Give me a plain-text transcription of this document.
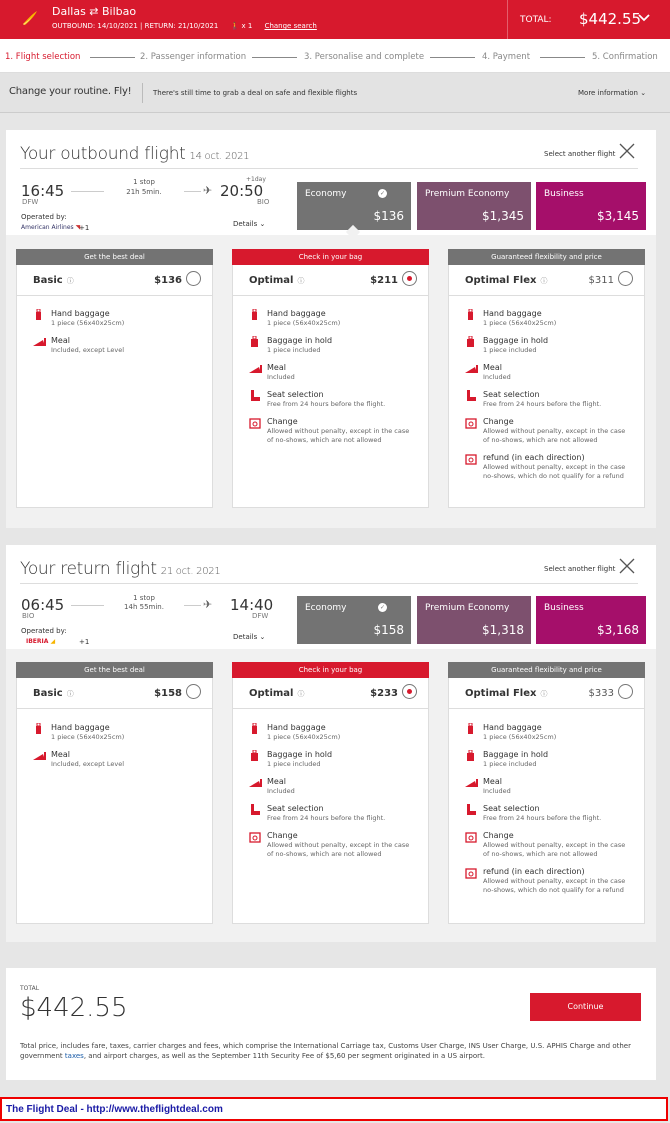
Dallas ⇄ Bilbao
OUTBOUND: 14/10/2021 | RETURN: 21/10/2021 🚶 x 1 Change search
TOTAL: $442.55
1. Flight selection	2. Passenger information	3. Personalise and complete	4. Payment	5. Confirmation
Change your routine. Fly!	There's still time to grab a deal on safe and flexible flights	More information ⌄
Your outbound flight 14 oct. 2021	Select another flight
16:45
DFW
1 stop
21h 5min.	✈
+1day
20:50
BIO
Operated by:
American Airlines ◥
+1	Details ⌄
Economy	✓
$136
Premium Economy
$1,345
Business
$3,145
Get the best deal
Basic ⓘ	$136
Hand baggage
1 piece (56x40x25cm)
Meal
Included, except Level
Check in your bag
Optimal ⓘ	$211
Hand baggage
1 piece (56x40x25cm)
Baggage in hold
1 piece included
Meal
Included
Seat selection
Free from 24 hours before the flight.
Change
Allowed without penalty, except in the case of no-shows, which are not allowed
Guaranteed flexibility and price
Optimal Flex ⓘ	$311
Hand baggage
1 piece (56x40x25cm)
Baggage in hold
1 piece included
Meal
Included
Seat selection
Free from 24 hours before the flight.
Change
Allowed without penalty, except in the case of no-shows, which are not allowed
refund (in each direction)
Allowed without penalty, except in the case no-shows, which do not qualify for a refund
Your return flight 21 oct. 2021	Select another flight
06:45
BIO
1 stop
14h 55min.	✈ 14:40
DFW
Operated by:
IBERIA ◢	+1
Details ⌄
Economy	✓
$158
Premium Economy
$1,318
Business
$3,168
Get the best deal
Basic ⓘ	$158
Hand baggage
1 piece (56x40x25cm)
Meal
Included, except Level
Check in your bag
Optimal ⓘ	$233
Hand baggage
1 piece (56x40x25cm)
Baggage in hold
1 piece included
Meal
Included
Seat selection
Free from 24 hours before the flight.
Change
Allowed without penalty, except in the case of no-shows, which are not allowed
Guaranteed flexibility and price
Optimal Flex ⓘ	$333
Hand baggage
1 piece (56x40x25cm)
Baggage in hold
1 piece included
Meal
Included
Seat selection
Free from 24 hours before the flight.
Change
Allowed without penalty, except in the case of no-shows, which are not allowed
refund (in each direction)
Allowed without penalty, except in the case no-shows, which do not qualify for a refund
TOTAL
$442.55	Continue
Total price, includes fare, taxes, carrier charges and fees, which comprise the International Carriage tax, Customs User Charge, INS User Charge, U.S. APHIS Charge and other government taxes, and airport charges, as well as the September 11th Security Fee of $5,60 per segment originated in a US airport.
The Flight Deal - http://www.theflightdeal.com
